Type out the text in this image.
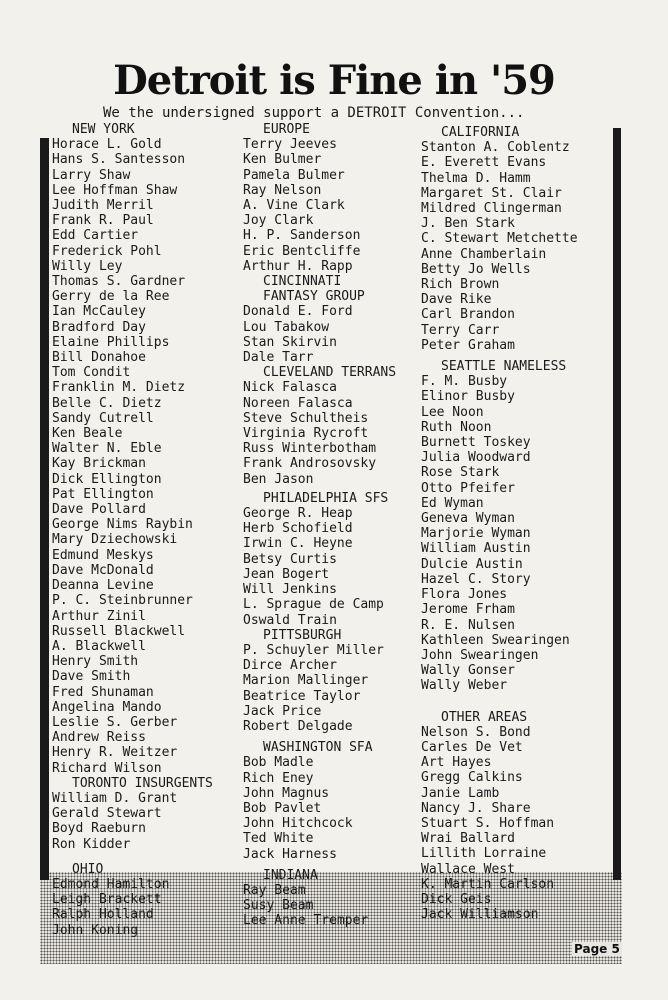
Detroit is Fine in '59
We the undersigned support a DETROIT Convention...
NEW YORK
Horace L. Gold
Hans S. Santesson
Larry Shaw
Lee Hoffman Shaw
Judith Merril
Frank R. Paul
Edd Cartier
Frederick Pohl
Willy Ley
Thomas S. Gardner
Gerry de la Ree
Ian McCauley
Bradford Day
Elaine Phillips
Bill Donahoe
Tom Condit
Franklin M. Dietz
Belle C. Dietz
Sandy Cutrell
Ken Beale
Walter N. Eble
Kay Brickman
Dick Ellington
Pat Ellington
Dave Pollard
George Nims Raybin
Mary Dziechowski
Edmund Meskys
Dave McDonald
Deanna Levine
P. C. Steinbrunner
Arthur Zinil
Russell Blackwell
A. Blackwell
Henry Smith
Dave Smith
Fred Shunaman
Angelina Mando
Leslie S. Gerber
Andrew Reiss
Henry R. Weitzer
Richard Wilson
TORONTO INSURGENTS
William D. Grant
Gerald Stewart
Boyd Raeburn
Ron Kidder
OHIO
Edmond Hamilton
Leigh Brackett
Ralph Holland
John Koning
EUROPE
Terry Jeeves
Ken Bulmer
Pamela Bulmer
Ray Nelson
A. Vine Clark
Joy Clark
H. P. Sanderson
Eric Bentcliffe
Arthur H. Rapp
CINCINNATI
FANTASY GROUP
Donald E. Ford
Lou Tabakow
Stan Skirvin
Dale Tarr
CLEVELAND TERRANS
Nick Falasca
Noreen Falasca
Steve Schultheis
Virginia Rycroft
Russ Winterbotham
Frank Androsovsky
Ben Jason
PHILADELPHIA SFS
George R. Heap
Herb Schofield
Irwin C. Heyne
Betsy Curtis
Jean Bogert
Will Jenkins
L. Sprague de Camp
Oswald Train
PITTSBURGH
P. Schuyler Miller
Dirce Archer
Marion Mallinger
Beatrice Taylor
Jack Price
Robert Delgade
WASHINGTON SFA
Bob Madle
Rich Eney
John Magnus
Bob Pavlet
John Hitchcock
Ted White
Jack Harness
INDIANA
Ray Beam
Susy Beam
Lee Anne Tremper
CALIFORNIA
Stanton A. Coblentz
E. Everett Evans
Thelma D. Hamm
Margaret St. Clair
Mildred Clingerman
J. Ben Stark
C. Stewart Metchette
Anne Chamberlain
Betty Jo Wells
Rich Brown
Dave Rike
Carl Brandon
Terry Carr
Peter Graham
SEATTLE NAMELESS
F. M. Busby
Elinor Busby
Lee Noon
Ruth Noon
Burnett Toskey
Julia Woodward
Rose Stark
Otto Pfeifer
Ed Wyman
Geneva Wyman
Marjorie Wyman
William Austin
Dulcie Austin
Hazel C. Story
Flora Jones
Jerome Frham
R. E. Nulsen
Kathleen Swearingen
John Swearingen
Wally Gonser
Wally Weber
OTHER AREAS
Nelson S. Bond
Carles De Vet
Art Hayes
Gregg Calkins
Janie Lamb
Nancy J. Share
Stuart S. Hoffman
Wrai Ballard
Lillith Lorraine
Wallace West
K. Martin Carlson
Dick Geis
Jack Williamson
Page 5
